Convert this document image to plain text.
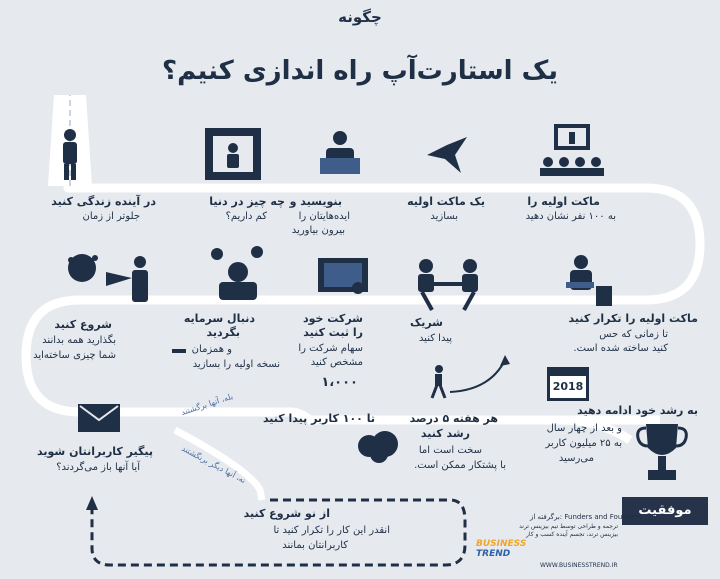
چگونه
یک استارت‌آپ راه اندازی کنیم؟
2018
در آینده زندگی کنید
جلوتر از زمان
چه چیز در دنیا
کم داریم؟
بنویسید و
ایده‌هایتان را
بیرون بیاورید
یک ماکت اولیه
بسازید
ماکت اولیه را
به ۱۰۰ نفر نشان دهید
ماکت اولیه را تکرار کنید
تا زمانی که حس
کنید ساخته شده است.
شریک
پیدا کنید
شرکت خود
را ثبت کنید
سهام شرکت را
مشخص کنید
۱،۰۰۰
دنبال سرمایه
بگردید
و همزمان
نسخه اولیه را بسازید
شروع کنید
بگذارید همه بدانند
شما چیزی ساخته‌اید
به رشد خود ادامه دهید
و بعد از چهار سال
به ۲۵ میلیون کاربر
می‌رسید
هر هفته ۵ درصد
رشد کنید
سخت است اما
با پشتکار ممکن است.
تا ۱۰۰ کاربر پیدا کنید
پیگیر کاربرانتان شوید
آیا آنها باز می‌گردند؟
از نو شروع کنید
انقدر این کار را تکرار کنید تا
کاربرانتان بمانند
بله، آنها برگشتند
نه، آنها دیگر برنگشتند
موفقیت
برگرفته از: Funders and Founders
ترجمه و طراحی توسط تیم بیزینس ترند
بیزینس ترند، تجسم آینده کسب و کار
BUSINESS
TREND
WWW.BUSINESSTREND.IR
